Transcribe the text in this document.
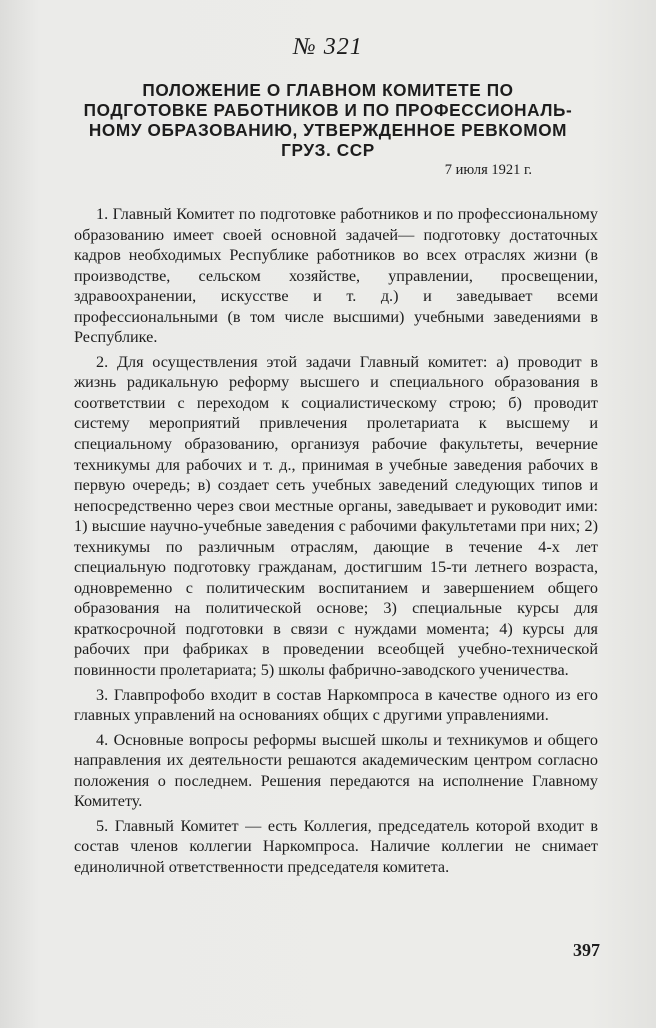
№ 321
ПОЛОЖЕНИЕ О ГЛАВНОМ КОМИТЕТЕ ПО
ПОДГОТОВКЕ РАБОТНИКОВ И ПО ПРОФЕССИОНАЛЬ-
НОМУ ОБРАЗОВАНИЮ, УТВЕРЖДЕННОЕ РЕВКОМОМ
ГРУЗ. ССР
7 июля 1921 г.

1. Главный Комитет по подготовке работников и по профессиональному образованию имеет своей основной задачей— подготовку достаточных кадров необходимых Республике работников во всех отраслях жизни (в производстве, сельском хозяйстве, управлении, просвещении, здравоохранении, искусстве и т. д.) и заведывает всеми профессиональными (в том числе высшими) учебными заведениями в Республике.

2. Для осуществления этой задачи Главный комитет: а) проводит в жизнь радикальную реформу высшего и специального образования в соответствии с переходом к социалистическому строю; б) проводит систему мероприятий привлечения пролетариата к высшему и специальному образованию, организуя рабочие факультеты, вечерние техникумы для рабочих и т. д., принимая в учебные заведения рабочих в первую очередь; в) создает сеть учебных заведений следующих типов и непосредственно через свои местные органы, заведывает и руководит ими: 1) высшие научно-учебные заведения с рабочими факультетами при них; 2) техникумы по различным отраслям, дающие в течение 4-х лет специальную подготовку гражданам, достигшим 15-ти летнего возраста, одновременно с политическим воспитанием и завершением общего образования на политической основе; 3) специальные курсы для краткосрочной подготовки в связи с нуждами момента; 4) курсы для рабочих при фабриках в проведении всеобщей учебно-технической повинности пролетариата; 5) школы фабрично-заводского ученичества.

3. Главпрофобо входит в состав Наркомпроса в качестве одного из его главных управлений на основаниях общих с другими управлениями.

4. Основные вопросы реформы высшей школы и техникумов и общего направления их деятельности решаются академическим центром согласно положения о последнем. Решения передаются на исполнение Главному Комитету.

5. Главный Комитет — есть Коллегия, председатель которой входит в состав членов коллегии Наркомпроса. Наличие коллегии не снимает единоличной ответственности председателя комитета.

397
